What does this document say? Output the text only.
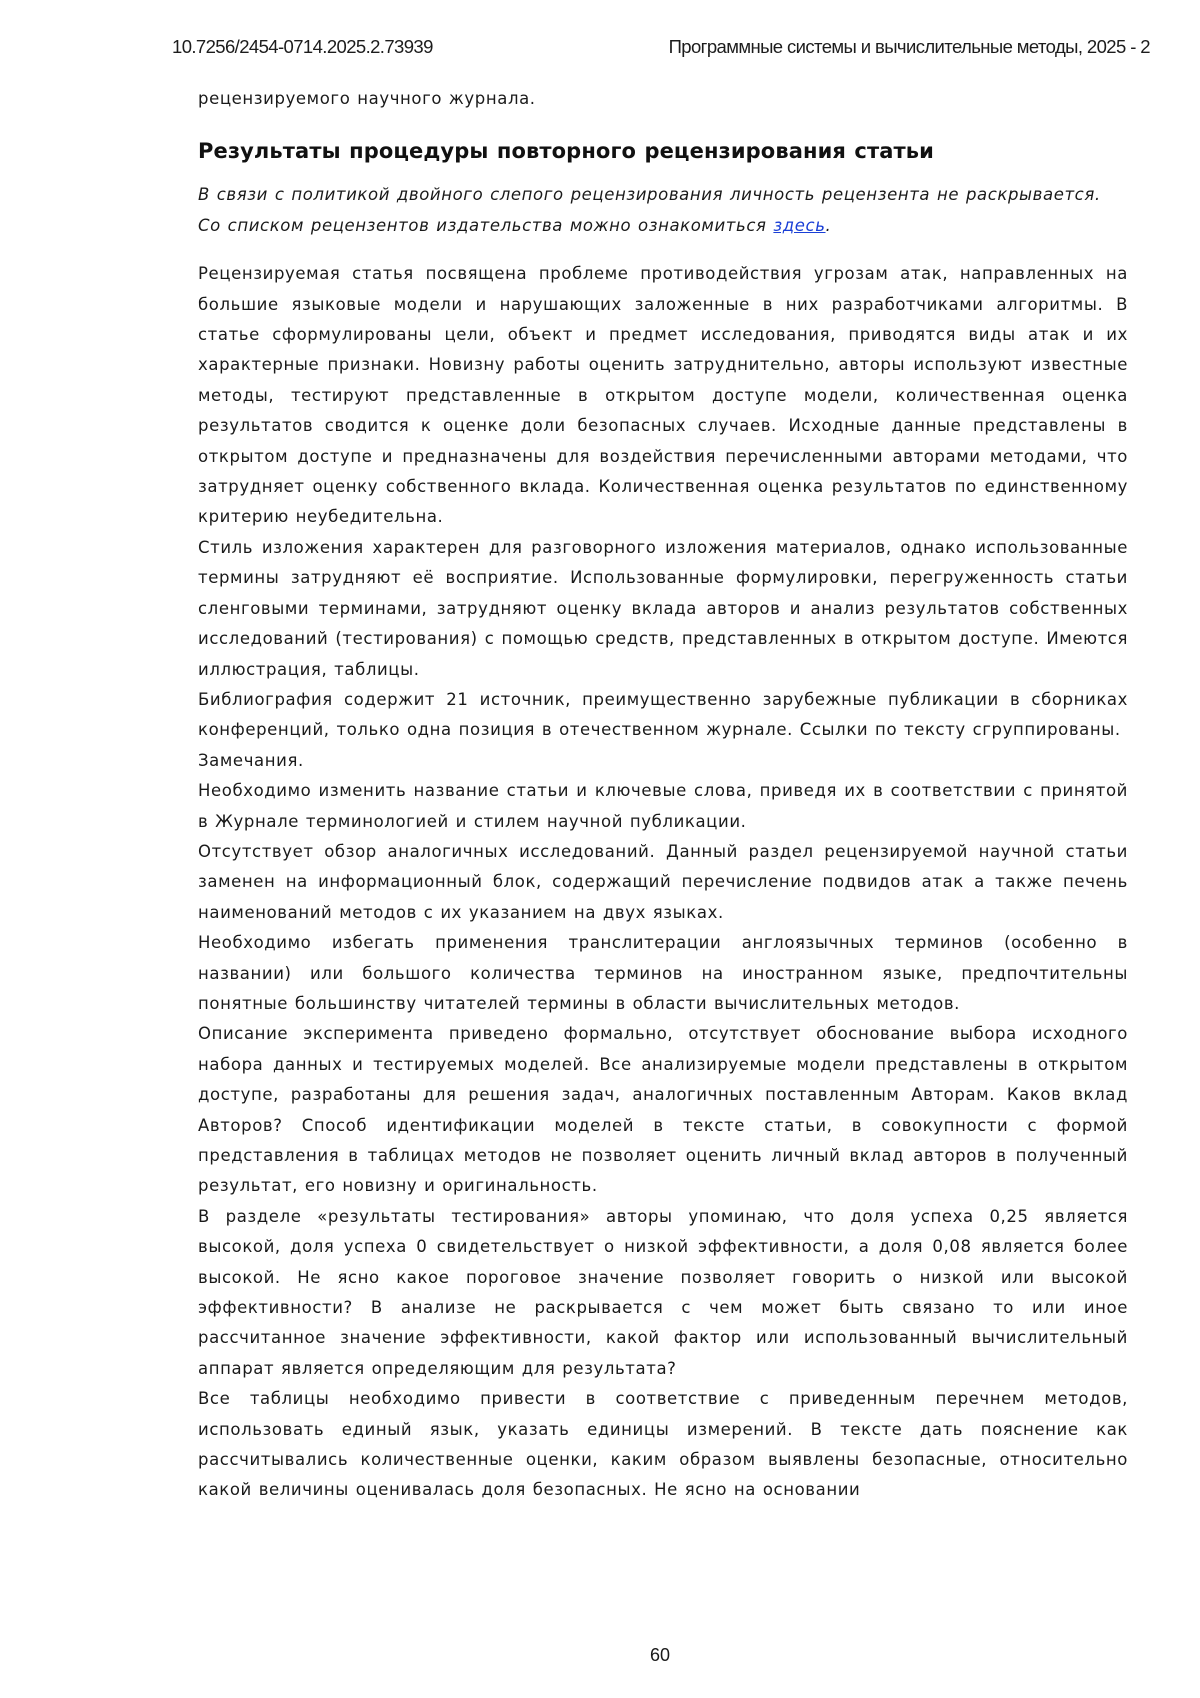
10.7256/2454-0714.2025.2.73939	Программные системы и вычислительные методы, 2025 - 2

рецензируемого научного журнала.

Результаты процедуры повторного рецензирования статьи

В связи с политикой двойного слепого рецензирования личность рецензента не раскрывается.

Со списком рецензентов издательства можно ознакомиться здесь.

Рецензируемая статья посвящена проблеме противодействия угрозам атак, направленных на большие языковые модели и нарушающих заложенные в них разработчиками алгоритмы. В статье сформулированы цели, объект и предмет исследования, приводятся виды атак и их характерные признаки. Новизну работы оценить затруднительно, авторы используют известные методы, тестируют представленные в открытом доступе модели, количественная оценка результатов сводится к оценке доли безопасных случаев. Исходные данные представлены в открытом доступе и предназначены для воздействия перечисленными авторами методами, что затрудняет оценку собственного вклада. Количественная оценка результатов по единственному критерию неубедительна.

Стиль изложения характерен для разговорного изложения материалов, однако использованные термины затрудняют её восприятие. Использованные формулировки, перегруженность статьи сленговыми терминами, затрудняют оценку вклада авторов и анализ результатов собственных исследований (тестирования) с помощью средств, представленных в открытом доступе. Имеются иллюстрация, таблицы.

Библиография содержит 21 источник, преимущественно зарубежные публикации в сборниках конференций, только одна позиция в отечественном журнале. Ссылки по тексту сгруппированы.

Замечания.

Необходимо изменить название статьи и ключевые слова, приведя их в соответствии с принятой в Журнале терминологией и стилем научной публикации.

Отсутствует обзор аналогичных исследований. Данный раздел рецензируемой научной статьи заменен на информационный блок, содержащий перечисление подвидов атак а также печень наименований методов с их указанием на двух языках.

Необходимо избегать применения транслитерации англоязычных терминов (особенно в названии) или большого количества терминов на иностранном языке, предпочтительны понятные большинству читателей термины в области вычислительных методов.

Описание эксперимента приведено формально, отсутствует обоснование выбора исходного набора данных и тестируемых моделей. Все анализируемые модели представлены в открытом доступе, разработаны для решения задач, аналогичных поставленным Авторам. Каков вклад Авторов? Способ идентификации моделей в тексте статьи, в совокупности с формой представления в таблицах методов не позволяет оценить личный вклад авторов в полученный результат, его новизну и оригинальность.

В разделе «результаты тестирования» авторы упоминаю, что доля успеха 0,25 является высокой, доля успеха 0 свидетельствует о низкой эффективности, а доля 0,08 является более высокой. Не ясно какое пороговое значение позволяет говорить о низкой или высокой эффективности? В анализе не раскрывается с чем может быть связано то или иное рассчитанное значение эффективности, какой фактор или использованный вычислительный аппарат является определяющим для результата?

Все таблицы необходимо привести в соответствие с приведенным перечнем методов, использовать единый язык, указать единицы измерений. В тексте дать пояснение как рассчитывались количественные оценки, каким образом выявлены безопасные, относительно какой величины оценивалась доля безопасных. Не ясно на основании

60
